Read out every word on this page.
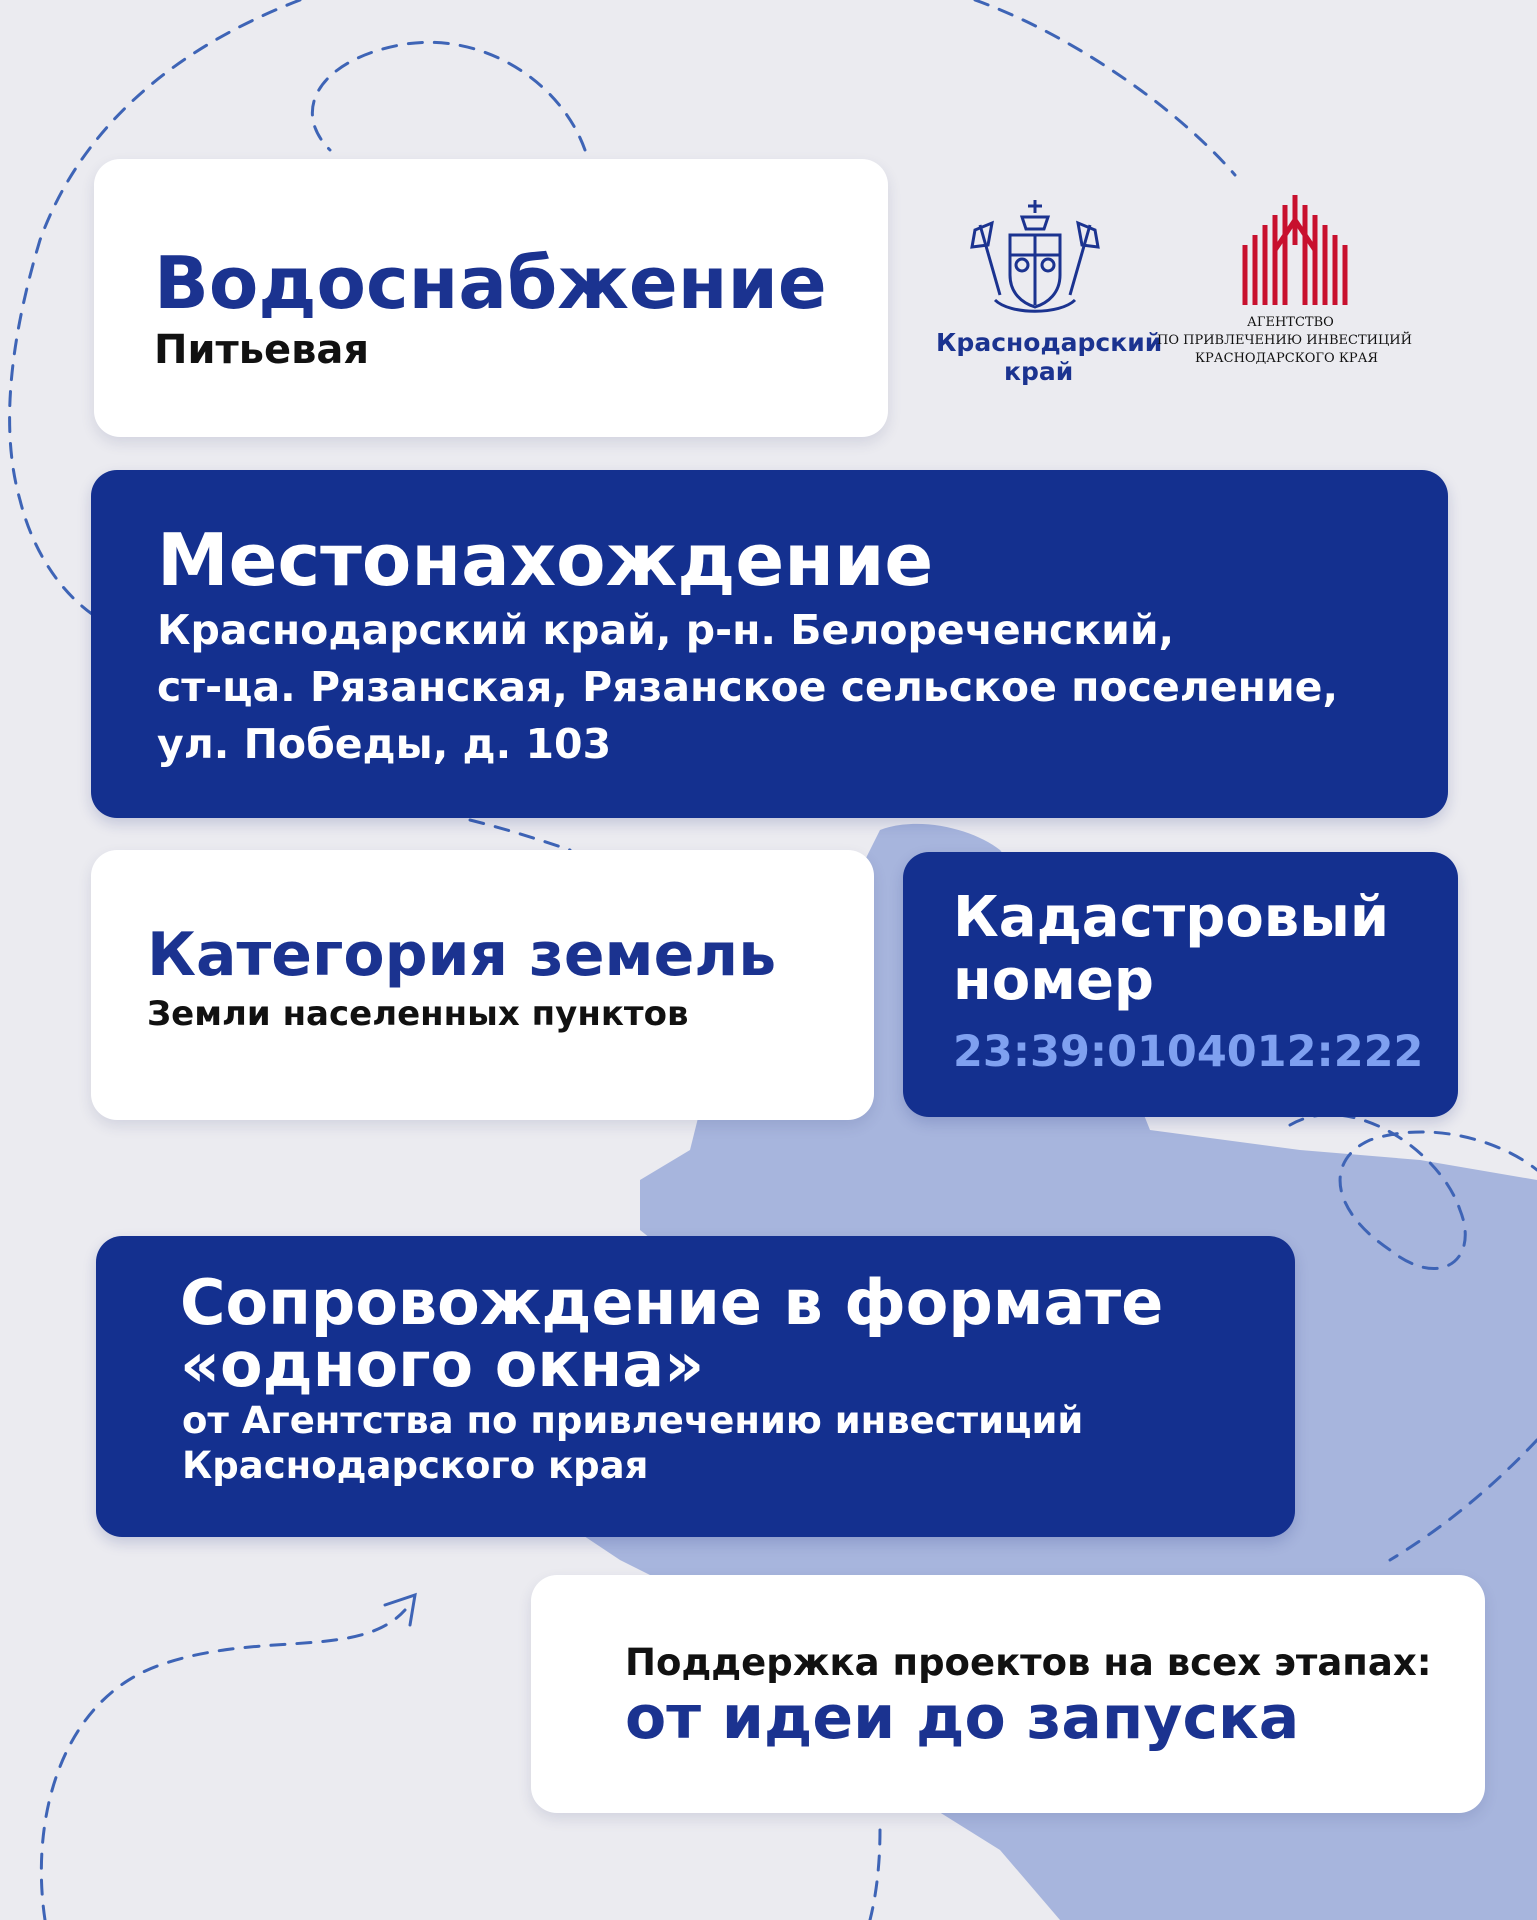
Водоснабжение

Питьевая	Краснодарский

край

АГЕНТСТВО

ПО ПРИВЛЕЧЕНИЮ ИНВЕСТИЦИЙ

КРАСНОДАРСКОГО КРАЯ

Местонахождение

Краснодарский край, р-н. Белореченский,

ст-ца. Рязанская, Рязанское сельское поселение,

ул. Победы, д. 103

Категория земель

Земли населенных пунктов

Кадастровый

номер

23:39:0104012:222

Сопровождение в формате

«одного окна»

от Агентства по привлечению инвестиций

Краснодарского края

Поддержка проектов на всех этапах:

от идеи до запуска
